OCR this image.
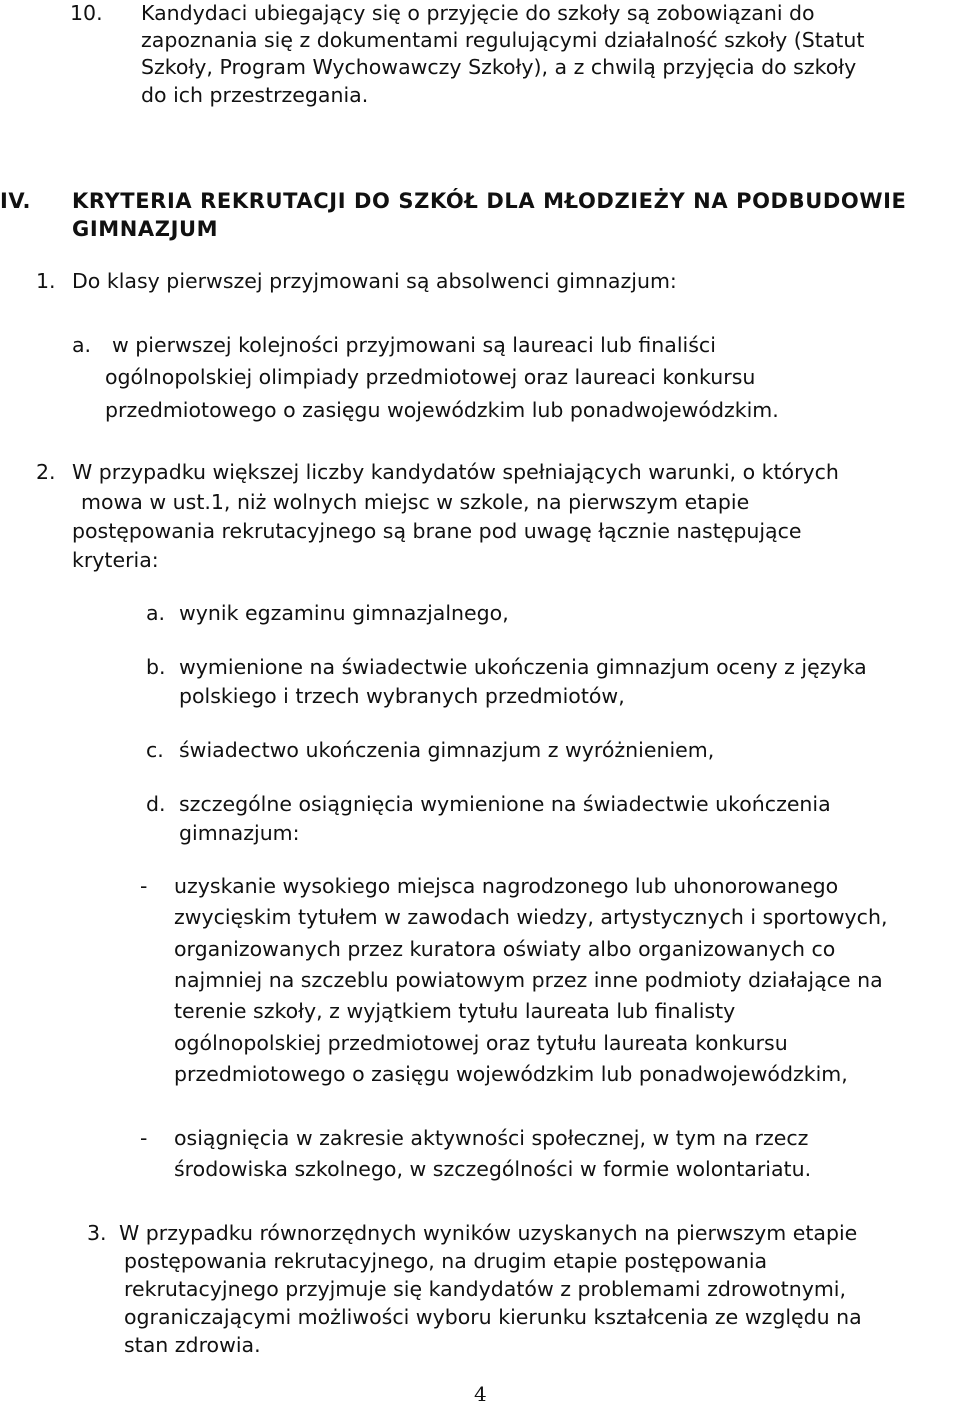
10. Kandydaci ubiegający się o przyjęcie do szkoły są zobowiązani do
zapoznania się z dokumentami regulującymi działalność szkoły (Statut
Szkoły, Program Wychowawczy Szkoły), a z chwilą przyjęcia do szkoły
do ich przestrzegania.
IV. KRYTERIA REKRUTACJI DO SZKÓŁ DLA MŁODZIEŻY NA PODBUDOWIE
GIMNAZJUM
1. Do klasy pierwszej przyjmowani są absolwenci gimnazjum:
a. w pierwszej kolejności przyjmowani są laureaci lub finaliści
ogólnopolskiej olimpiady przedmiotowej oraz laureaci konkursu
przedmiotowego o zasięgu wojewódzkim lub ponadwojewódzkim.
2. W przypadku większej liczby kandydatów spełniających warunki, o których
mowa w ust.1, niż wolnych miejsc w szkole, na pierwszym etapie
postępowania rekrutacyjnego są brane pod uwagę łącznie następujące
kryteria:
a. wynik egzaminu gimnazjalnego,
b. wymienione na świadectwie ukończenia gimnazjum oceny z języka
polskiego i trzech wybranych przedmiotów,
c. świadectwo ukończenia gimnazjum z wyróżnieniem,
d. szczególne osiągnięcia wymienione na świadectwie ukończenia
gimnazjum:
- uzyskanie wysokiego miejsca nagrodzonego lub uhonorowanego
zwycięskim tytułem w zawodach wiedzy, artystycznych i sportowych,
organizowanych przez kuratora oświaty albo organizowanych co
najmniej na szczeblu powiatowym przez inne podmioty działające na
terenie szkoły, z wyjątkiem tytułu laureata lub finalisty
ogólnopolskiej przedmiotowej oraz tytułu laureata konkursu
przedmiotowego o zasięgu wojewódzkim lub ponadwojewódzkim,
- osiągnięcia w zakresie aktywności społecznej, w tym na rzecz
środowiska szkolnego, w szczególności w formie wolontariatu.
3. W przypadku równorzędnych wyników uzyskanych na pierwszym etapie
postępowania rekrutacyjnego, na drugim etapie postępowania
rekrutacyjnego przyjmuje się kandydatów z problemami zdrowotnymi,
ograniczającymi możliwości wyboru kierunku kształcenia ze względu na
stan zdrowia.
4
